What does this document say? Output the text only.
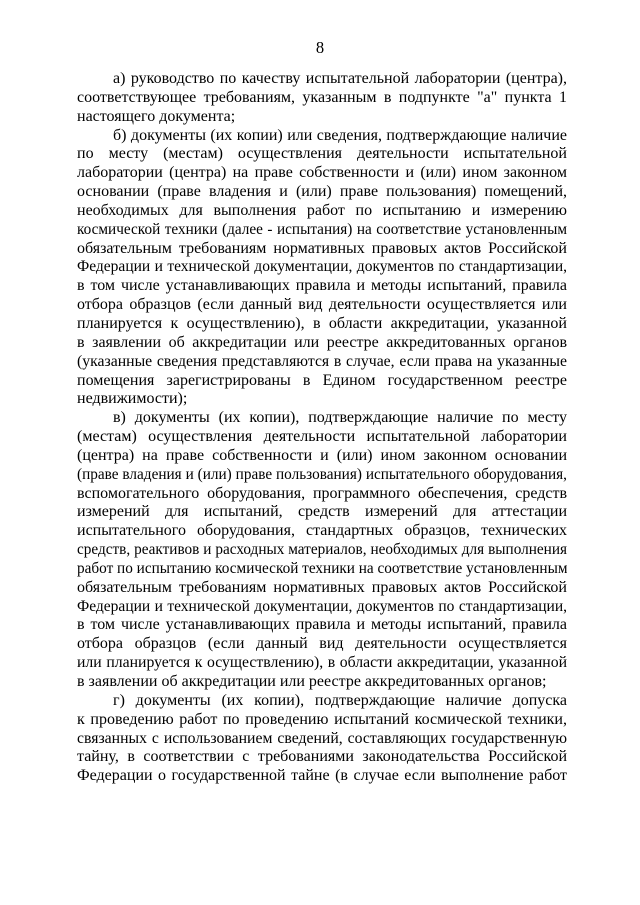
8
а) руководство по качеству испытательной лаборатории (центра),
соответствующее требованиям, указанным в подпункте "а" пункта 1
настоящего документа;
б) документы (их копии) или сведения, подтверждающие наличие
по месту (местам) осуществления деятельности испытательной
лаборатории (центра) на праве собственности и (или) ином законном
основании (праве владения и (или) праве пользования) помещений,
необходимых для выполнения работ по испытанию и измерению
космической техники (далее - испытания) на соответствие установленным
обязательным требованиям нормативных правовых актов Российской
Федерации и технической документации, документов по стандартизации,
в том числе устанавливающих правила и методы испытаний, правила
отбора образцов (если данный вид деятельности осуществляется или
планируется к осуществлению), в области аккредитации, указанной
в заявлении об аккредитации или реестре аккредитованных органов
(указанные сведения представляются в случае, если права на указанные
помещения зарегистрированы в Едином государственном реестре
недвижимости);
в) документы (их копии), подтверждающие наличие по месту
(местам) осуществления деятельности испытательной лаборатории
(центра) на праве собственности и (или) ином законном основании
(праве владения и (или) праве пользования) испытательного оборудования,
вспомогательного оборудования, программного обеспечения, средств
измерений для испытаний, средств измерений для аттестации
испытательного оборудования, стандартных образцов, технических
средств, реактивов и расходных материалов, необходимых для выполнения
работ по испытанию космической техники на соответствие установленным
обязательным требованиям нормативных правовых актов Российской
Федерации и технической документации, документов по стандартизации,
в том числе устанавливающих правила и методы испытаний, правила
отбора образцов (если данный вид деятельности осуществляется
или планируется к осуществлению), в области аккредитации, указанной
в заявлении об аккредитации или реестре аккредитованных органов;
г) документы (их копии), подтверждающие наличие допуска
к проведению работ по проведению испытаний космической техники,
связанных с использованием сведений, составляющих государственную
тайну, в соответствии с требованиями законодательства Российской
Федерации о государственной тайне (в случае если выполнение работ
